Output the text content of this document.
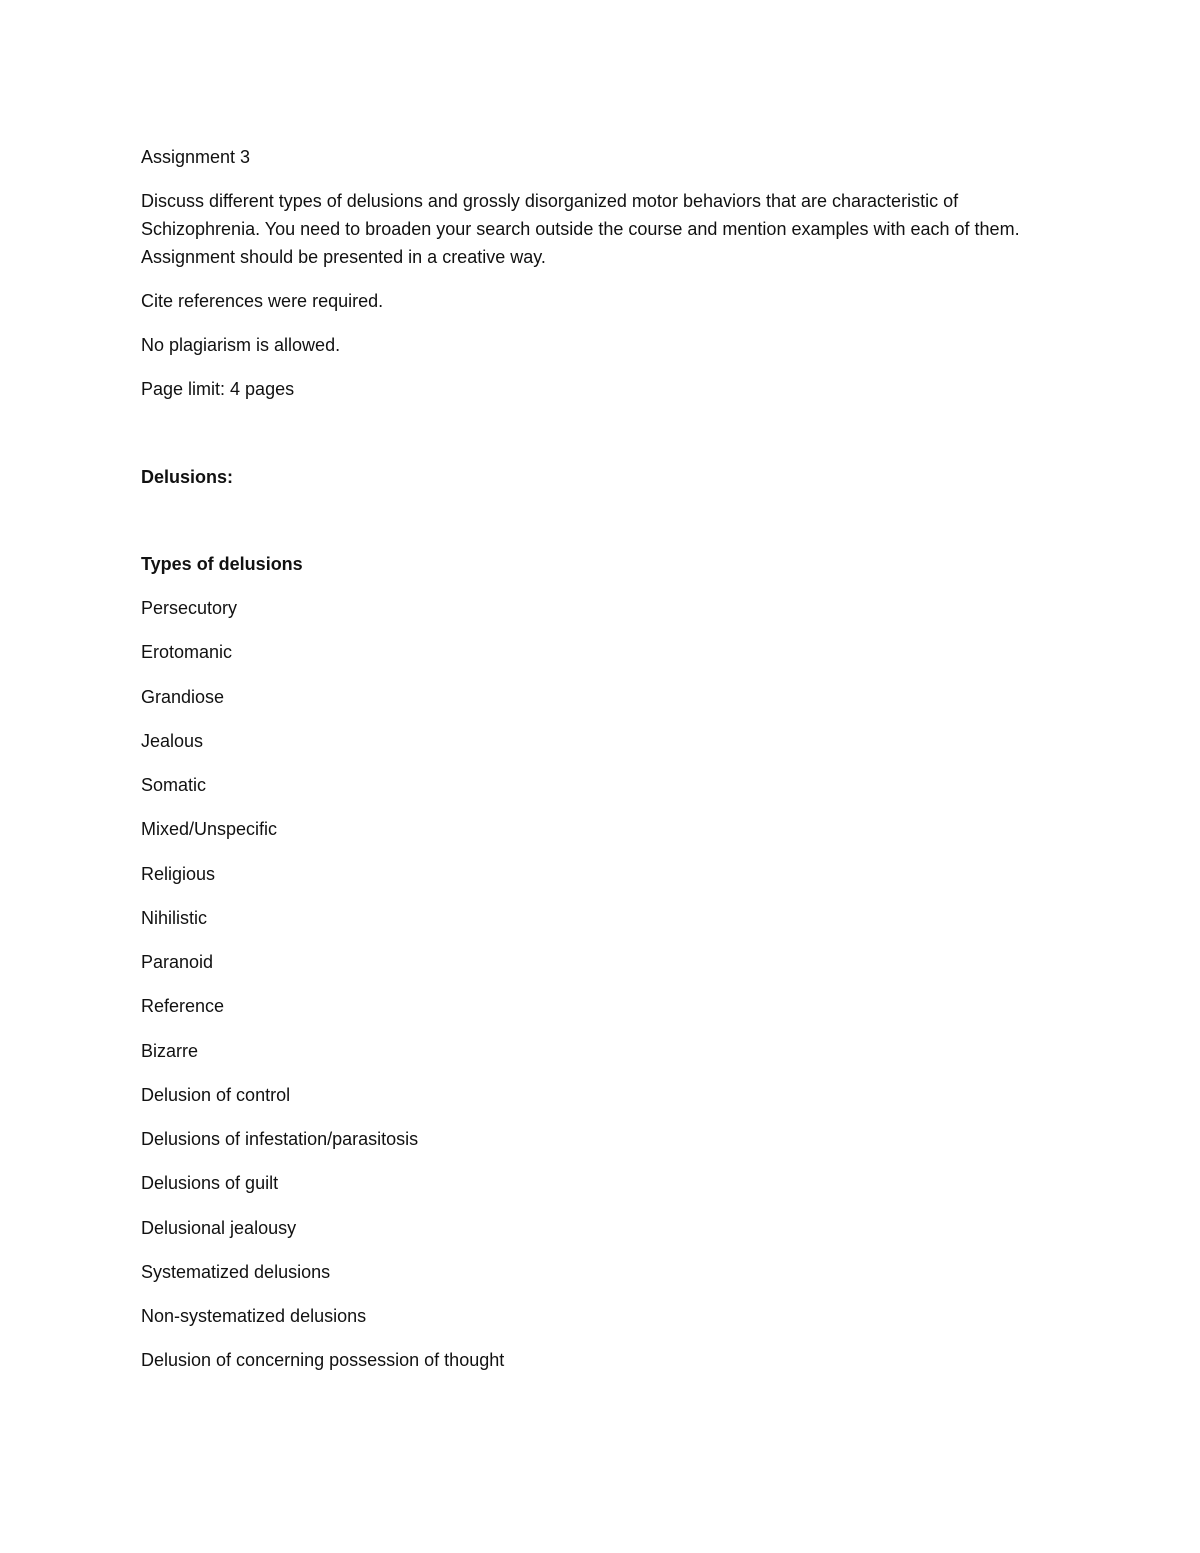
Assignment 3

Discuss different types of delusions and grossly disorganized motor behaviors that are characteristic of Schizophrenia. You need to broaden your search outside the course and mention examples with each of them. Assignment should be presented in a creative way.

Cite references were required.

No plagiarism is allowed.

Page limit: 4 pages

Delusions:

Types of delusions

Persecutory
Erotomanic
Grandiose
Jealous
Somatic
Mixed/Unspecific
Religious
Nihilistic
Paranoid
Reference
Bizarre
Delusion of control
Delusions of infestation/parasitosis
Delusions of guilt
Delusional jealousy
Systematized delusions
Non-systematized delusions
Delusion of concerning possession of thought
